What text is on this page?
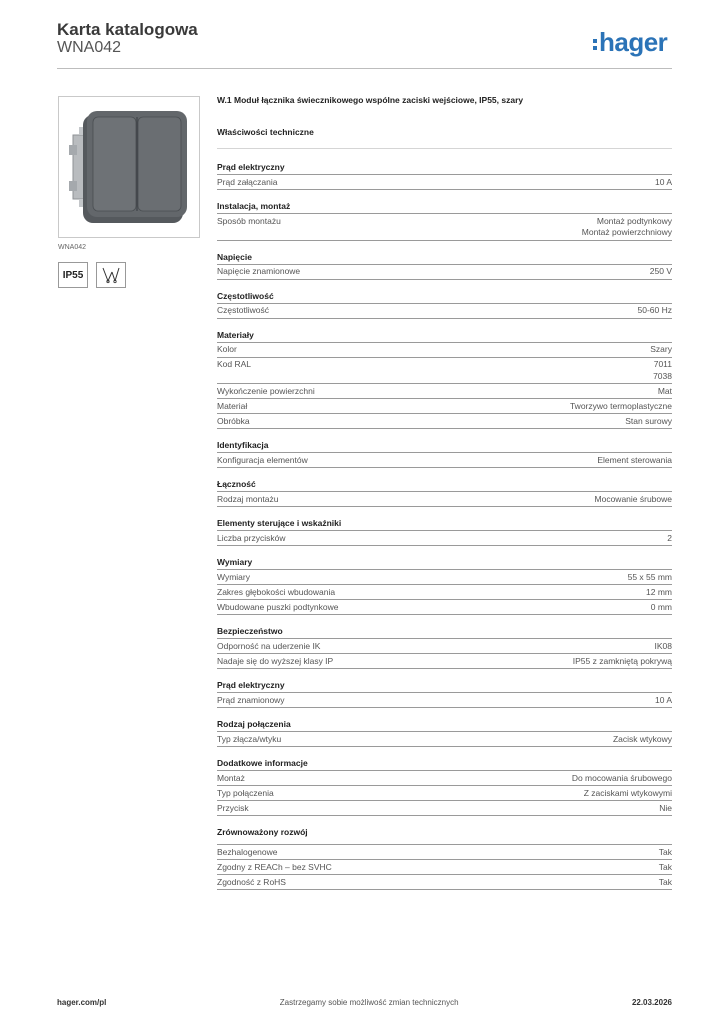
Karta katalogowa
WNA042	hager
WNA042
IP55
W.1 Moduł łącznika świecznikowego wspólne zaciski wejściowe, IP55, szary
Właściwości techniczne
Prąd elektryczny
Prąd załączania	10 A
Instalacja, montaż
Sposób montażu	Montaż podtynkowy
Montaż powierzchniowy
Napięcie
Napięcie znamionowe	250 V
Częstotliwość
Częstotliwość	50-60 Hz
Materiały
Kolor	Szary
Kod RAL	7011
7038
Wykończenie powierzchni	Mat
Materiał	Tworzywo termoplastyczne
Obróbka	Stan surowy
Identyfikacja
Konfiguracja elementów	Element sterowania
Łączność
Rodzaj montażu	Mocowanie śrubowe
Elementy sterujące i wskaźniki
Liczba przycisków	2
Wymiary
Wymiary	55 x 55 mm
Zakres głębokości wbudowania	12 mm
Wbudowane puszki podtynkowe	0 mm
Bezpieczeństwo
Odporność na uderzenie IK	IK08
Nadaje się do wyższej klasy IP	IP55 z zamkniętą pokrywą
Prąd elektryczny
Prąd znamionowy	10 A
Rodzaj połączenia
Typ złącza/wtyku	Zacisk wtykowy
Dodatkowe informacje
Montaż	Do mocowania śrubowego
Typ połączenia	Z zaciskami wtykowymi
Przycisk	Nie
Zrównoważony rozwój
Bezhalogenowe	Tak
Zgodny z REACh – bez SVHC	Tak
Zgodność z RoHS	Tak
hager.com/pl	Zastrzegamy sobie możliwość zmian technicznych	22.03.2026
